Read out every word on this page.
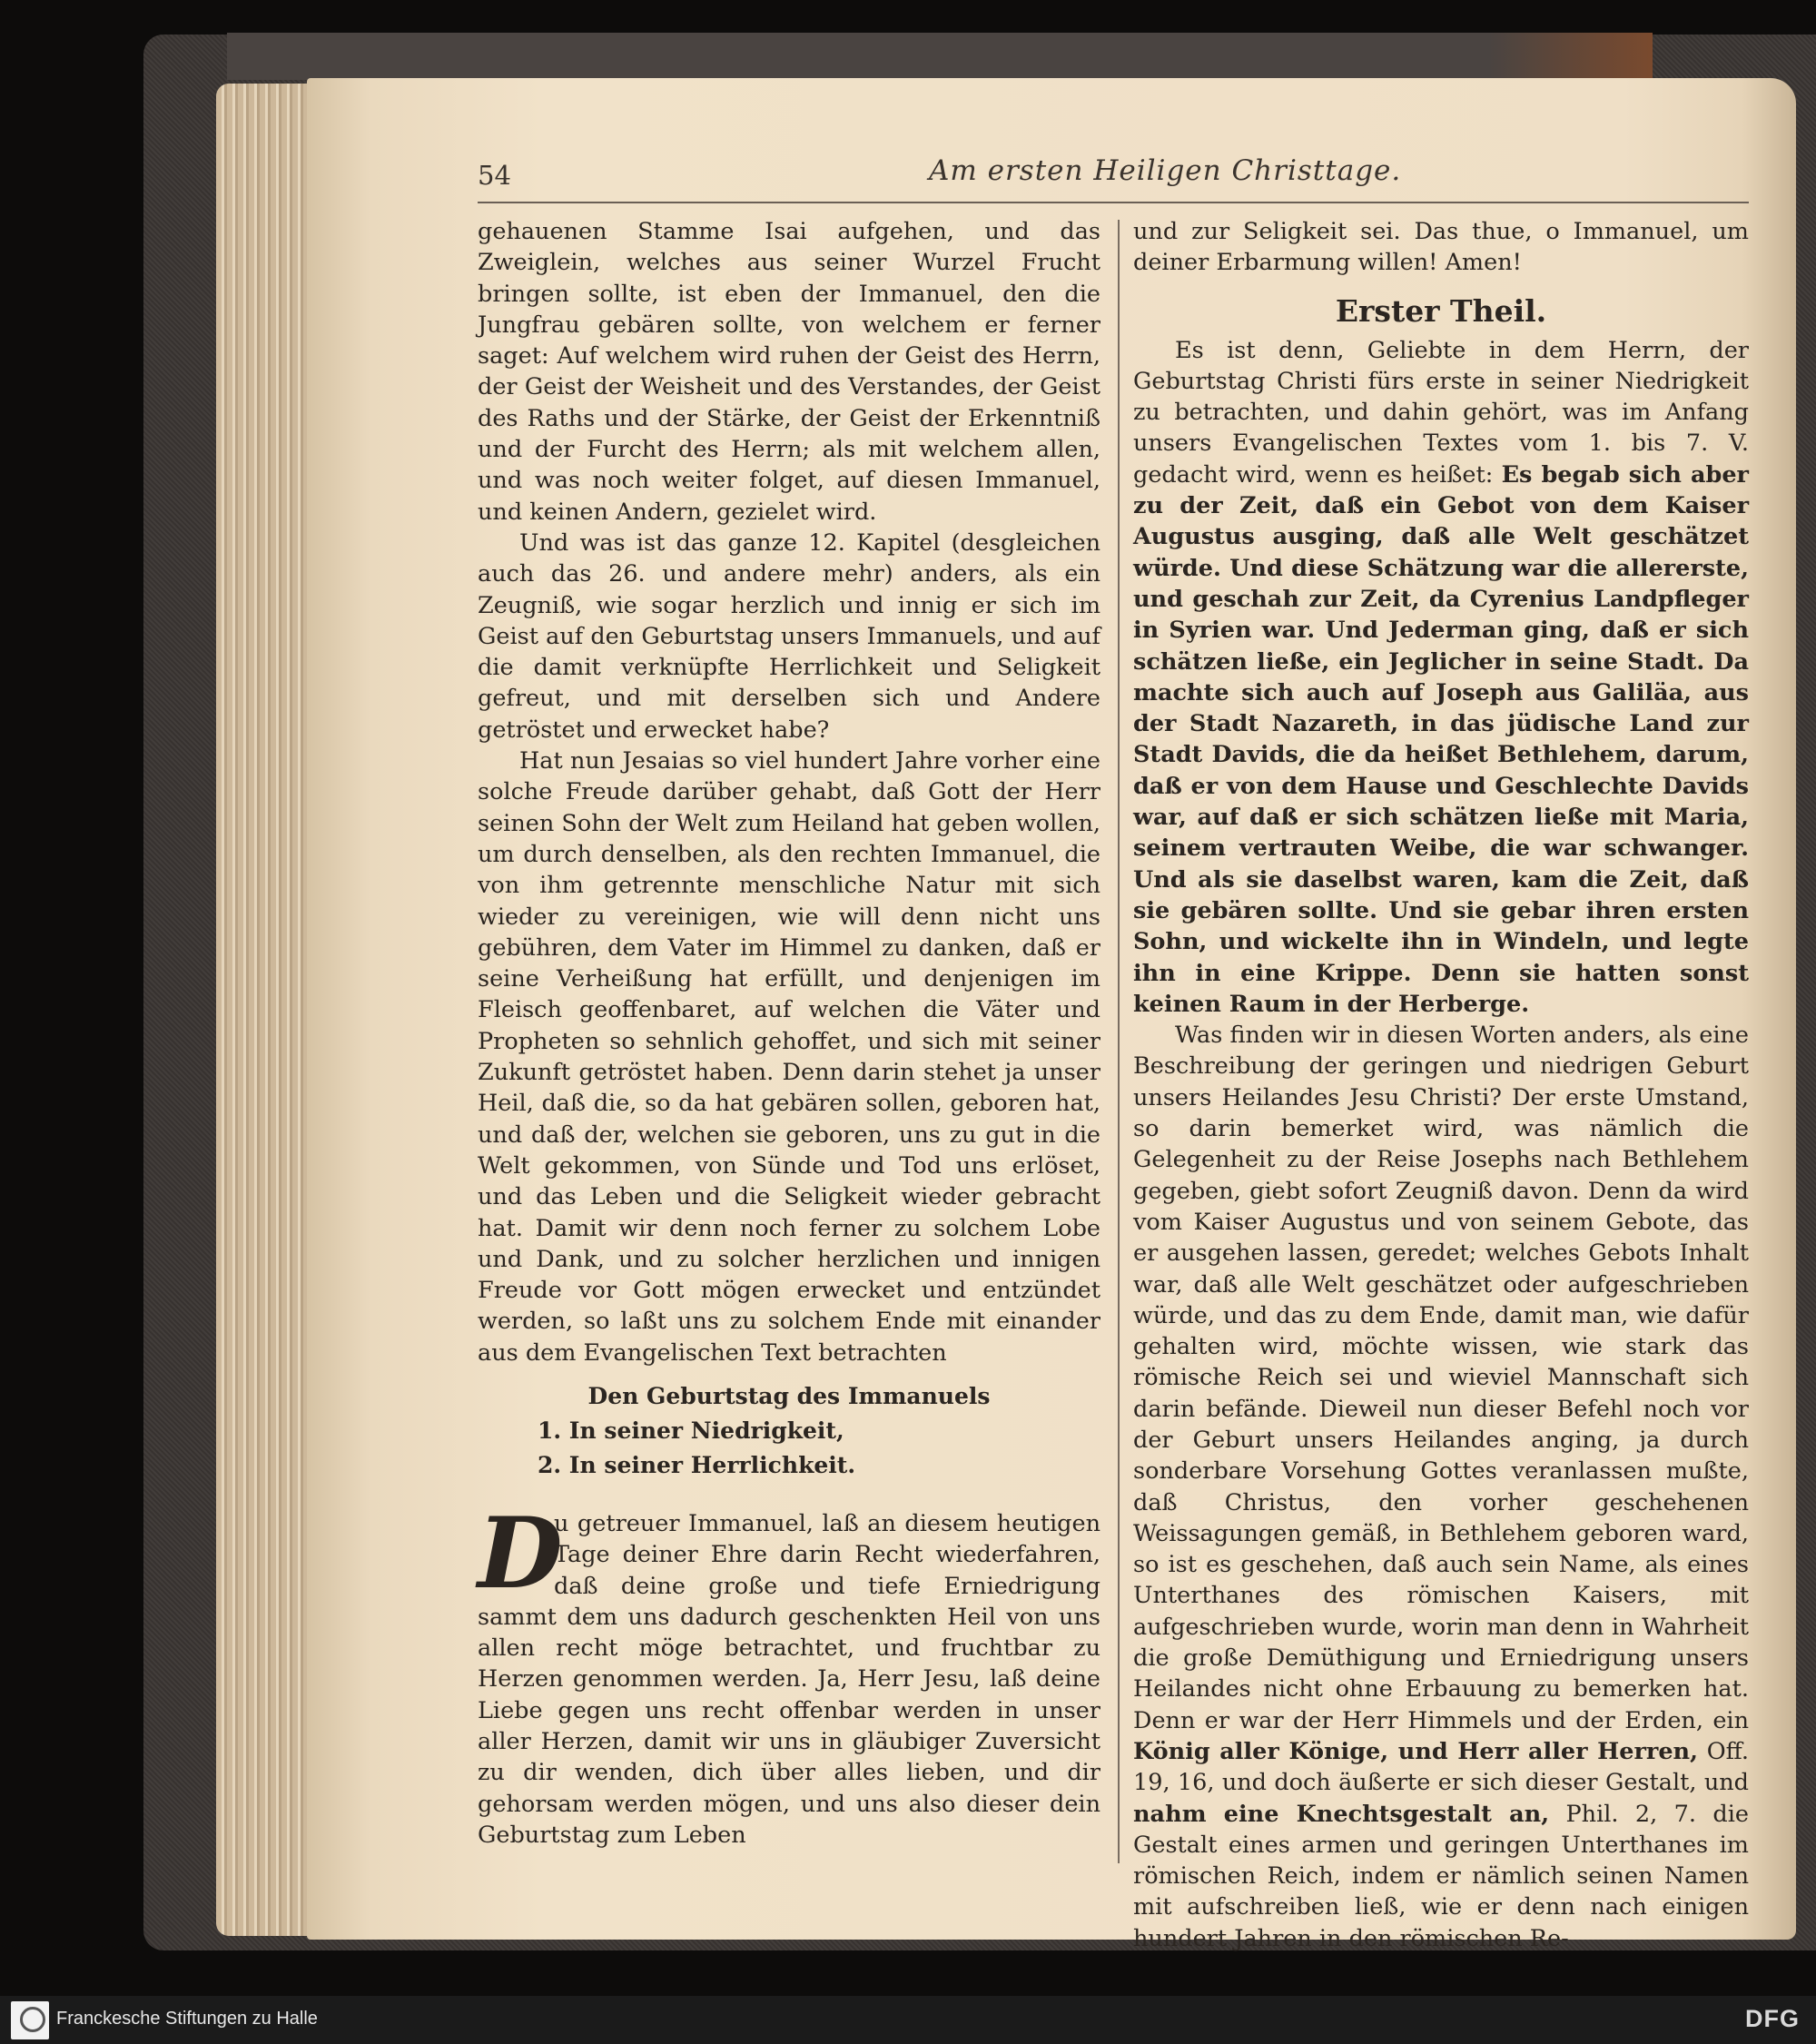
54	Am ersten Heiligen Christtage.

gehauenen Stamme Isai aufgehen, und das Zweiglein, welches aus seiner Wurzel Frucht bringen sollte, ist eben der Immanuel, den die Jungfrau gebären sollte, von welchem er ferner saget: Auf welchem wird ruhen der Geist des Herrn, der Geist der Weisheit und des Verstandes, der Geist des Raths und der Stärke, der Geist der Erkenntniß und der Furcht des Herrn; als mit welchem allen, und was noch weiter folget, auf diesen Immanuel, und keinen Andern, gezielet wird.

Und was ist das ganze 12. Kapitel (desgleichen auch das 26. und andere mehr) anders, als ein Zeugniß, wie sogar herzlich und innig er sich im Geist auf den Geburtstag unsers Immanuels, und auf die damit verknüpfte Herrlichkeit und Seligkeit gefreut, und mit derselben sich und Andere getröstet und erwecket habe?

Hat nun Jesaias so viel hundert Jahre vorher eine solche Freude darüber gehabt, daß Gott der Herr seinen Sohn der Welt zum Heiland hat geben wollen, um durch denselben, als den rechten Immanuel, die von ihm getrennte menschliche Natur mit sich wieder zu vereinigen, wie will denn nicht uns gebühren, dem Vater im Himmel zu danken, daß er seine Verheißung hat erfüllt, und denjenigen im Fleisch geoffenbaret, auf welchen die Väter und Propheten so sehnlich gehoffet, und sich mit seiner Zukunft getröstet haben. Denn darin stehet ja unser Heil, daß die, so da hat gebären sollen, geboren hat, und daß der, welchen sie geboren, uns zu gut in die Welt gekommen, von Sünde und Tod uns erlöset, und das Leben und die Seligkeit wieder gebracht hat. Damit wir denn noch ferner zu solchem Lobe und Dank, und zu solcher herzlichen und innigen Freude vor Gott mögen erwecket und entzündet werden, so laßt uns zu solchem Ende mit einander aus dem Evangelischen Text betrachten

Den Geburtstag des Immanuels
1. In seiner Niedrigkeit,
2. In seiner Herrlichkeit.

D
u getreuer Immanuel, laß an diesem heutigen Tage deiner Ehre darin Recht wiederfahren, daß deine große und tiefe Erniedrigung sammt dem uns dadurch geschenkten Heil von uns allen recht möge betrachtet, und fruchtbar zu Herzen genommen werden. Ja, Herr Jesu, laß deine Liebe gegen uns recht offenbar werden in unser aller Herzen, damit wir uns in gläubiger Zuversicht zu dir wenden, dich über alles lieben, und dir gehorsam werden mögen, und uns also dieser dein Geburtstag zum Leben

und zur Seligkeit sei. Das thue, o Immanuel, um deiner Erbarmung willen! Amen!

Erster Theil.

Es ist denn, Geliebte in dem Herrn, der Geburtstag Christi fürs erste in seiner Niedrigkeit zu betrachten, und dahin gehört, was im Anfang unsers Evangelischen Textes vom 1. bis 7. V. gedacht wird, wenn es heißet: Es begab sich aber zu der Zeit, daß ein Gebot von dem Kaiser Augustus ausging, daß alle Welt geschätzet würde. Und diese Schätzung war die allererste, und geschah zur Zeit, da Cyrenius Landpfleger in Syrien war. Und Jederman ging, daß er sich schätzen ließe, ein Jeglicher in seine Stadt. Da machte sich auch auf Joseph aus Galiläa, aus der Stadt Nazareth, in das jüdische Land zur Stadt Davids, die da heißet Bethlehem, darum, daß er von dem Hause und Geschlechte Davids war, auf daß er sich schätzen ließe mit Maria, seinem vertrauten Weibe, die war schwanger. Und als sie daselbst waren, kam die Zeit, daß sie gebären sollte. Und sie gebar ihren ersten Sohn, und wickelte ihn in Windeln, und legte ihn in eine Krippe. Denn sie hatten sonst keinen Raum in der Herberge.

Was finden wir in diesen Worten anders, als eine Beschreibung der geringen und niedrigen Geburt unsers Heilandes Jesu Christi? Der erste Umstand, so darin bemerket wird, was nämlich die Gelegenheit zu der Reise Josephs nach Bethlehem gegeben, giebt sofort Zeugniß davon. Denn da wird vom Kaiser Augustus und von seinem Gebote, das er ausgehen lassen, geredet; welches Gebots Inhalt war, daß alle Welt geschätzet oder aufgeschrieben würde, und das zu dem Ende, damit man, wie dafür gehalten wird, möchte wissen, wie stark das römische Reich sei und wieviel Mannschaft sich darin befände. Dieweil nun dieser Befehl noch vor der Geburt unsers Heilandes anging, ja durch sonderbare Vorsehung Gottes veranlassen mußte, daß Christus, den vorher geschehenen Weissagungen gemäß, in Bethlehem geboren ward, so ist es geschehen, daß auch sein Name, als eines Unterthanes des römischen Kaisers, mit aufgeschrieben wurde, worin man denn in Wahrheit die große Demüthigung und Erniedrigung unsers Heilandes nicht ohne Erbauung zu bemerken hat. Denn er war der Herr Himmels und der Erden, ein König aller Könige, und Herr aller Herren, Off. 19, 16, und doch äußerte er sich dieser Gestalt, und nahm eine Knechtsgestalt an, Phil. 2, 7. die Gestalt eines armen und geringen Unterthanes im römischen Reich, indem er nämlich seinen Namen mit aufschreiben ließ, wie er denn nach einigen hundert Jahren in den römischen Re-

Franckesche Stiftungen zu Halle	DFG
